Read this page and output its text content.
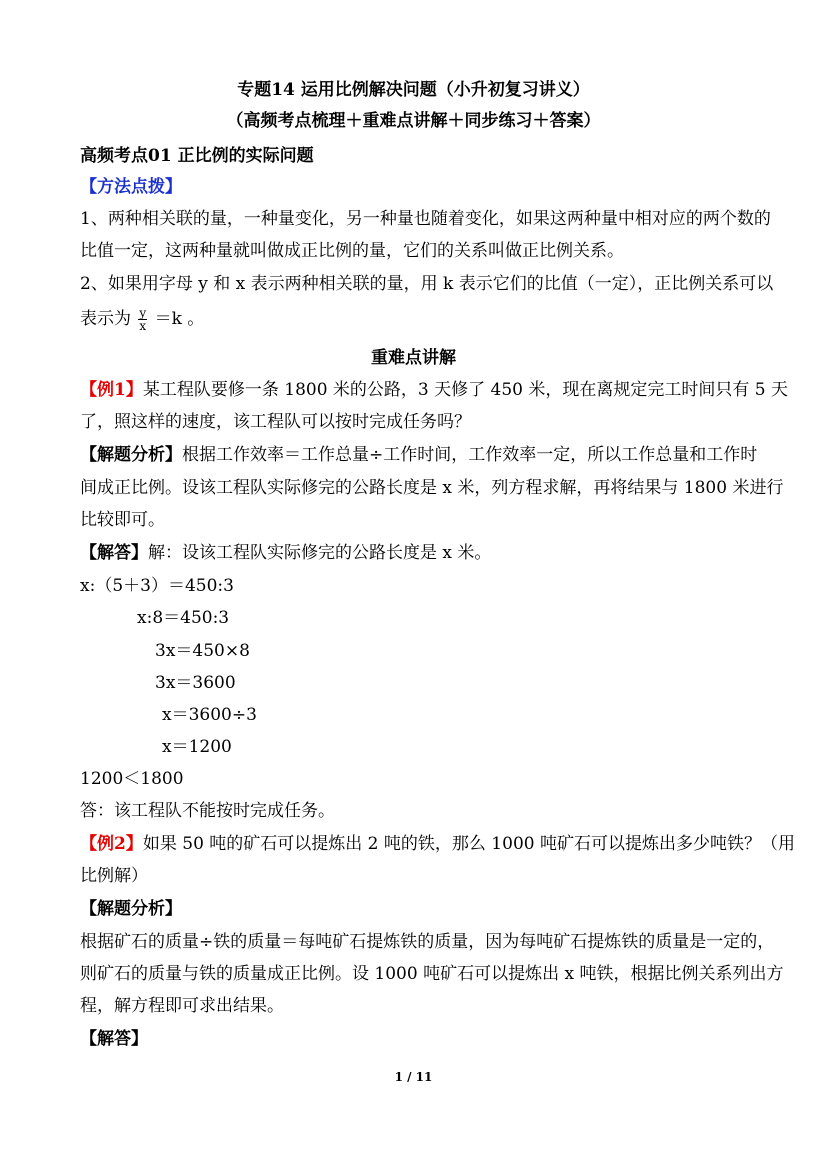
专题14 运用比例解决问题（小升初复习讲义）
（高频考点梳理＋重难点讲解＋同步练习＋答案）
高频考点01 正比例的实际问题
【方法点拨】
1、两种相关联的量，一种量变化，另一种量也随着变化，如果这两种量中相对应的两个数的
比值一定，这两种量就叫做成正比例的量，它们的关系叫做正比例关系。
2、如果用字母 y 和 x 表示两种相关联的量，用 k 表示它们的比值（一定），正比例关系可以
表示为 $\frac{y}{x} =k$ 。
重难点讲解
【例1】某工程队要修一条 1800 米的公路，3 天修了 450 米，现在离规定完工时间只有 5 天
了，照这样的速度，该工程队可以按时完成任务吗？
【解题分析】根据工作效率＝工作总量÷工作时间，工作效率一定，所以工作总量和工作时
间成正比例。设该工程队实际修完的公路长度是 x 米，列方程求解，再将结果与 1800 米进行
比较即可。
【解答】解：设该工程队实际修完的公路长度是 x 米。
x:（5＋3）＝450:3
x:8＝450:3
3x＝450×8
3x＝3600
x＝3600÷3
x＝1200
1200＜1800
答：该工程队不能按时完成任务。
【例2】如果 50 吨的矿石可以提炼出 2 吨的铁，那么 1000 吨矿石可以提炼出多少吨铁？（用
比例解）
【解题分析】
根据矿石的质量÷铁的质量＝每吨矿石提炼铁的质量，因为每吨矿石提炼铁的质量是一定的，
则矿石的质量与铁的质量成正比例。设 1000 吨矿石可以提炼出 x 吨铁，根据比例关系列出方
程，解方程即可求出结果。
【解答】
1 / 11
